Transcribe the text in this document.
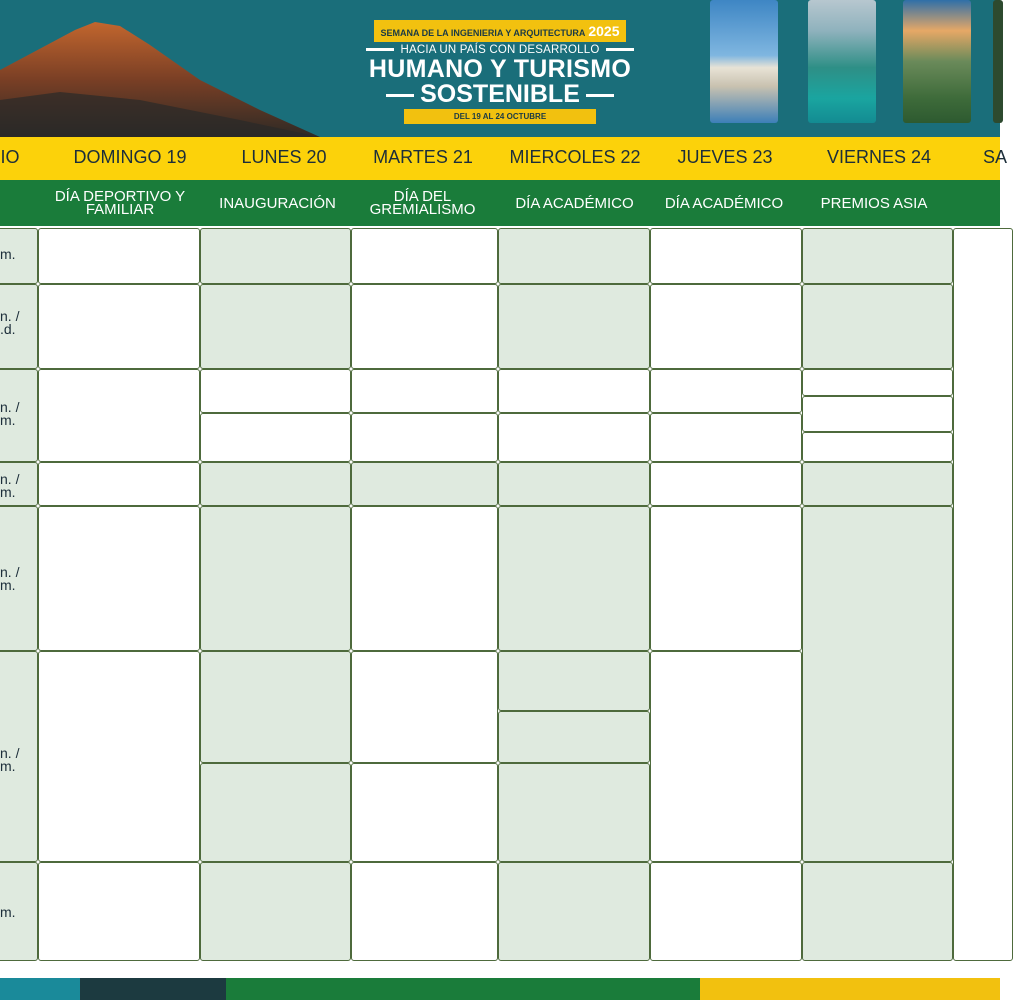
SEMANA DE LA INGENIERIA Y ARQUITECTURA 2025
HACIA UN PAÍS CON DESARROLLO
HUMANO Y TURISMO
SOSTENIBLE
DEL 19 AL 24 OCTUBRE
IO	DOMINGO 19	LUNES 20	MARTES 21	MIERCOLES 22	JUEVES 23	VIERNES 24	SA
DÍA DEPORTIVO Y FAMILIAR	INAUGURACIÓN	DÍA DEL GREMIALISMO	DÍA ACADÉMICO	DÍA ACADÉMICO	PREMIOS ASIA
m.
n. /
.d.
n. /
m.
n. /
m.
n. /
m.
n. /
m.
m.
